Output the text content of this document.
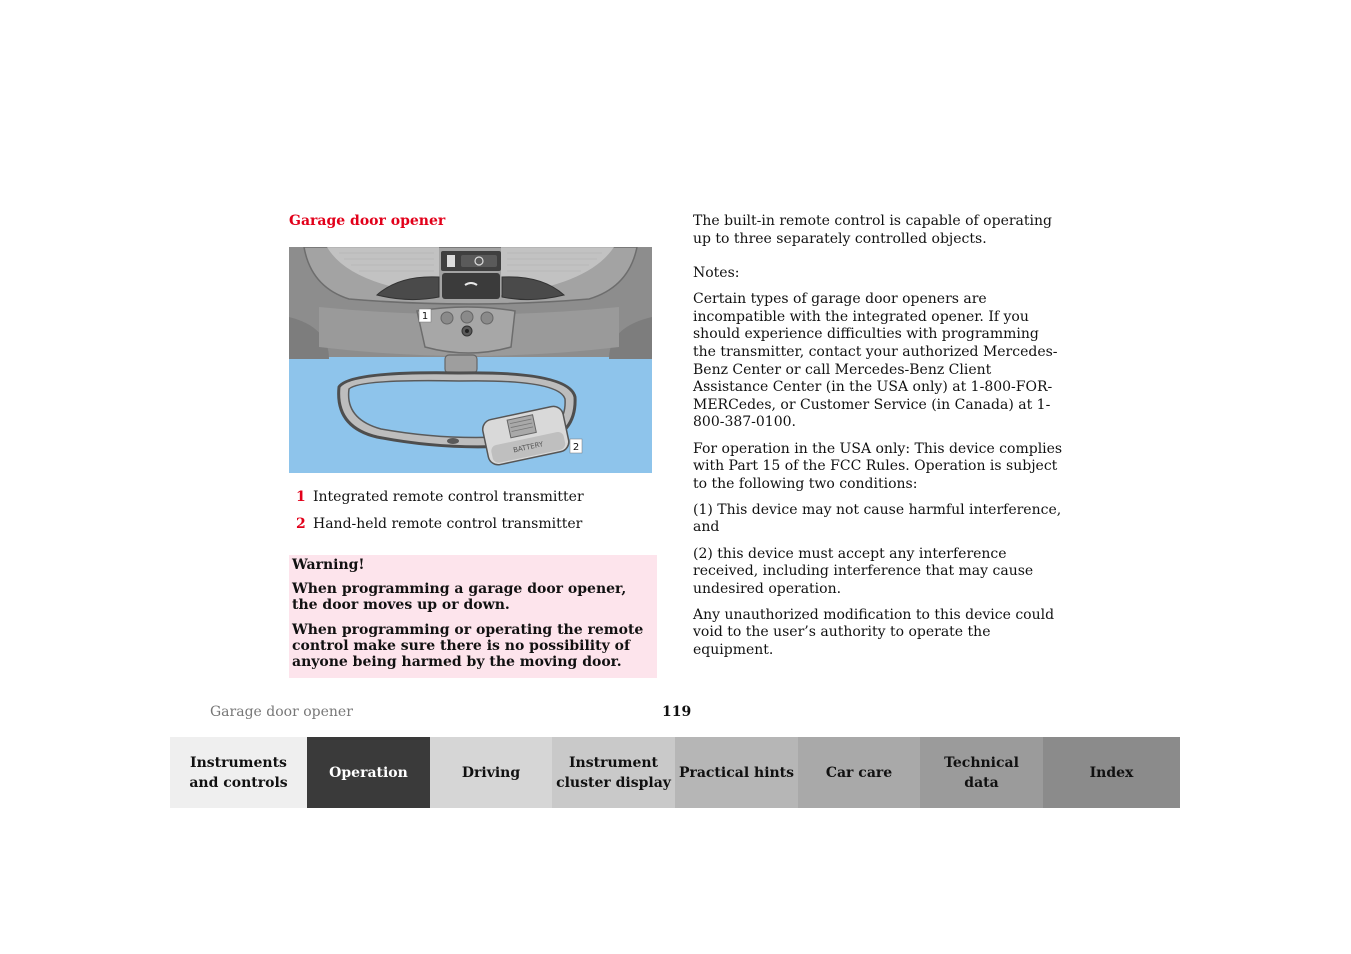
Garage door opener
1
BATTERY	2
1 Integrated remote control transmitter
2 Hand-held remote control transmitter

Warning!

When programming a garage door opener, the door moves up or down.

When programming or operating the remote control make sure there is no possibility of anyone being harmed by the moving door.

The built-in remote control is capable of operating up to three separately controlled objects.

Notes:

Certain types of garage door openers are incompatible with the integrated opener. If you should experience difficulties with programming the transmitter, contact your authorized Mercedes-Benz Center or call Mercedes-Benz Client Assistance Center (in the USA only) at 1-800-FOR-MERCedes, or Customer Service (in Canada) at 1-800-387-0100.

For operation in the USA only: This device complies with Part 15 of the FCC Rules. Operation is subject to the following two conditions:

(1) This device may not cause harmful interference, and

(2) this device must accept any interference received, including interference that may cause undesired operation.

Any unauthorized modification to this device could void to the user’s authority to operate the equipment.

Garage door opener	119
Instruments
and controls
Operation	Driving
Instrument
cluster display
Practical hints Car care
Technical
data
Index
